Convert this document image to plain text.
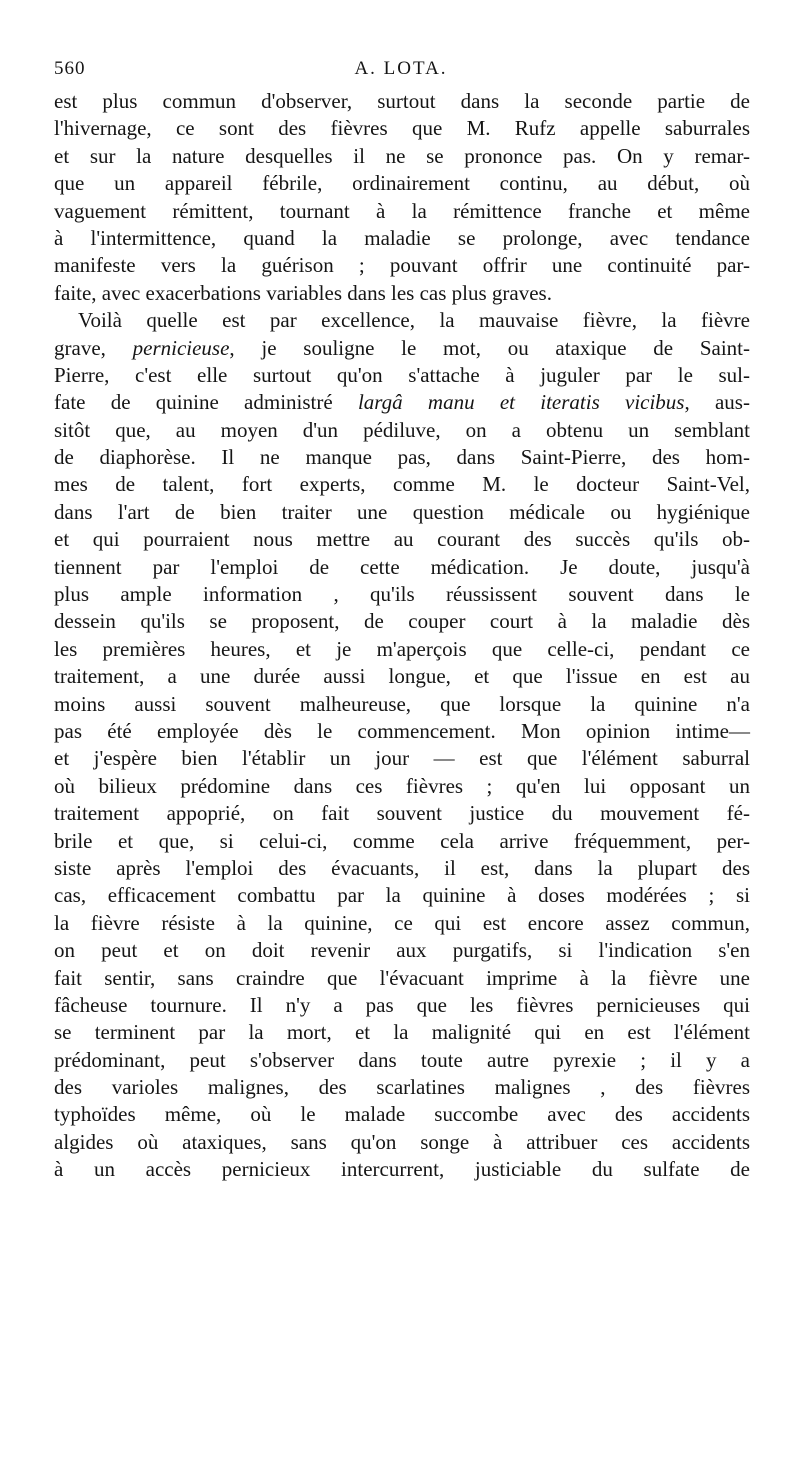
560	A. LOTA.
est plus commun d'observer, surtout dans la seconde partie de
l'hivernage, ce sont des fièvres que M. Rufz appelle saburrales
et sur la nature desquelles il ne se prononce pas. On y remar-
que un appareil fébrile, ordinairement continu, au début, où
vaguement rémittent, tournant à la rémittence franche et même
à l'intermittence, quand la maladie se prolonge, avec tendance
manifeste vers la guérison ; pouvant offrir une continuité par-
faite, avec exacerbations variables dans les cas plus graves.
Voilà quelle est par excellence, la mauvaise fièvre, la fièvre
grave, pernicieuse, je souligne le mot, ou ataxique de Saint-
Pierre, c'est elle surtout qu'on s'attache à juguler par le sul-
fate de quinine administré largâ manu et iteratis vicibus, aus-
sitôt que, au moyen d'un pédiluve, on a obtenu un semblant
de diaphorèse. Il ne manque pas, dans Saint-Pierre, des hom-
mes de talent, fort experts, comme M. le docteur Saint-Vel,
dans l'art de bien traiter une question médicale ou hygiénique
et qui pourraient nous mettre au courant des succès qu'ils ob-
tiennent par l'emploi de cette médication. Je doute, jusqu'à
plus ample information , qu'ils réussissent souvent dans le
dessein qu'ils se proposent, de couper court à la maladie dès
les premières heures, et je m'aperçois que celle-ci, pendant ce
traitement, a une durée aussi longue, et que l'issue en est au
moins aussi souvent malheureuse, que lorsque la quinine n'a
pas été employée dès le commencement. Mon opinion intime—
et j'espère bien l'établir un jour — est que l'élément saburral
où bilieux prédomine dans ces fièvres ; qu'en lui opposant un
traitement appoprié, on fait souvent justice du mouvement fé-
brile et que, si celui-ci, comme cela arrive fréquemment, per-
siste après l'emploi des évacuants, il est, dans la plupart des
cas, efficacement combattu par la quinine à doses modérées ; si
la fièvre résiste à la quinine, ce qui est encore assez commun,
on peut et on doit revenir aux purgatifs, si l'indication s'en
fait sentir, sans craindre que l'évacuant imprime à la fièvre une
fâcheuse tournure. Il n'y a pas que les fièvres pernicieuses qui
se terminent par la mort, et la malignité qui en est l'élément
prédominant, peut s'observer dans toute autre pyrexie ; il y a
des varioles malignes, des scarlatines malignes , des fièvres
typhoïdes même, où le malade succombe avec des accidents
algides où ataxiques, sans qu'on songe à attribuer ces accidents
à un accès pernicieux intercurrent, justiciable du sulfate de
